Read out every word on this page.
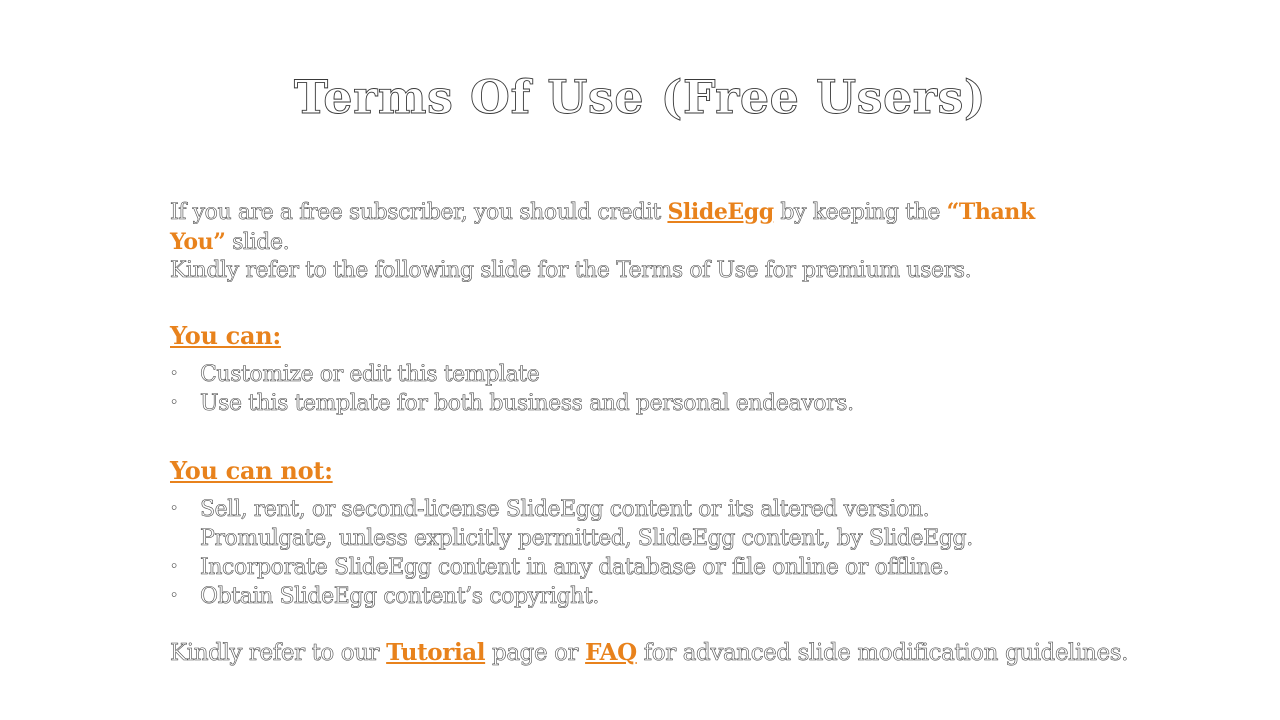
Terms Of Use (Free Users)
If you are a free subscriber, you should credit SlideEgg by keeping the “Thank You” slide.
Kindly refer to the following slide for the Terms of Use for premium users.
You can:
• Customize or edit this template
• Use this template for both business and personal endeavors.
You can not:
• Sell, rent, or second-license SlideEgg content or its altered version.
Promulgate, unless explicitly permitted, SlideEgg content, by SlideEgg.
• Incorporate SlideEgg content in any database or file online or offline.
• Obtain SlideEgg content’s copyright.
Kindly refer to our Tutorial page or FAQ for advanced slide modification guidelines.
